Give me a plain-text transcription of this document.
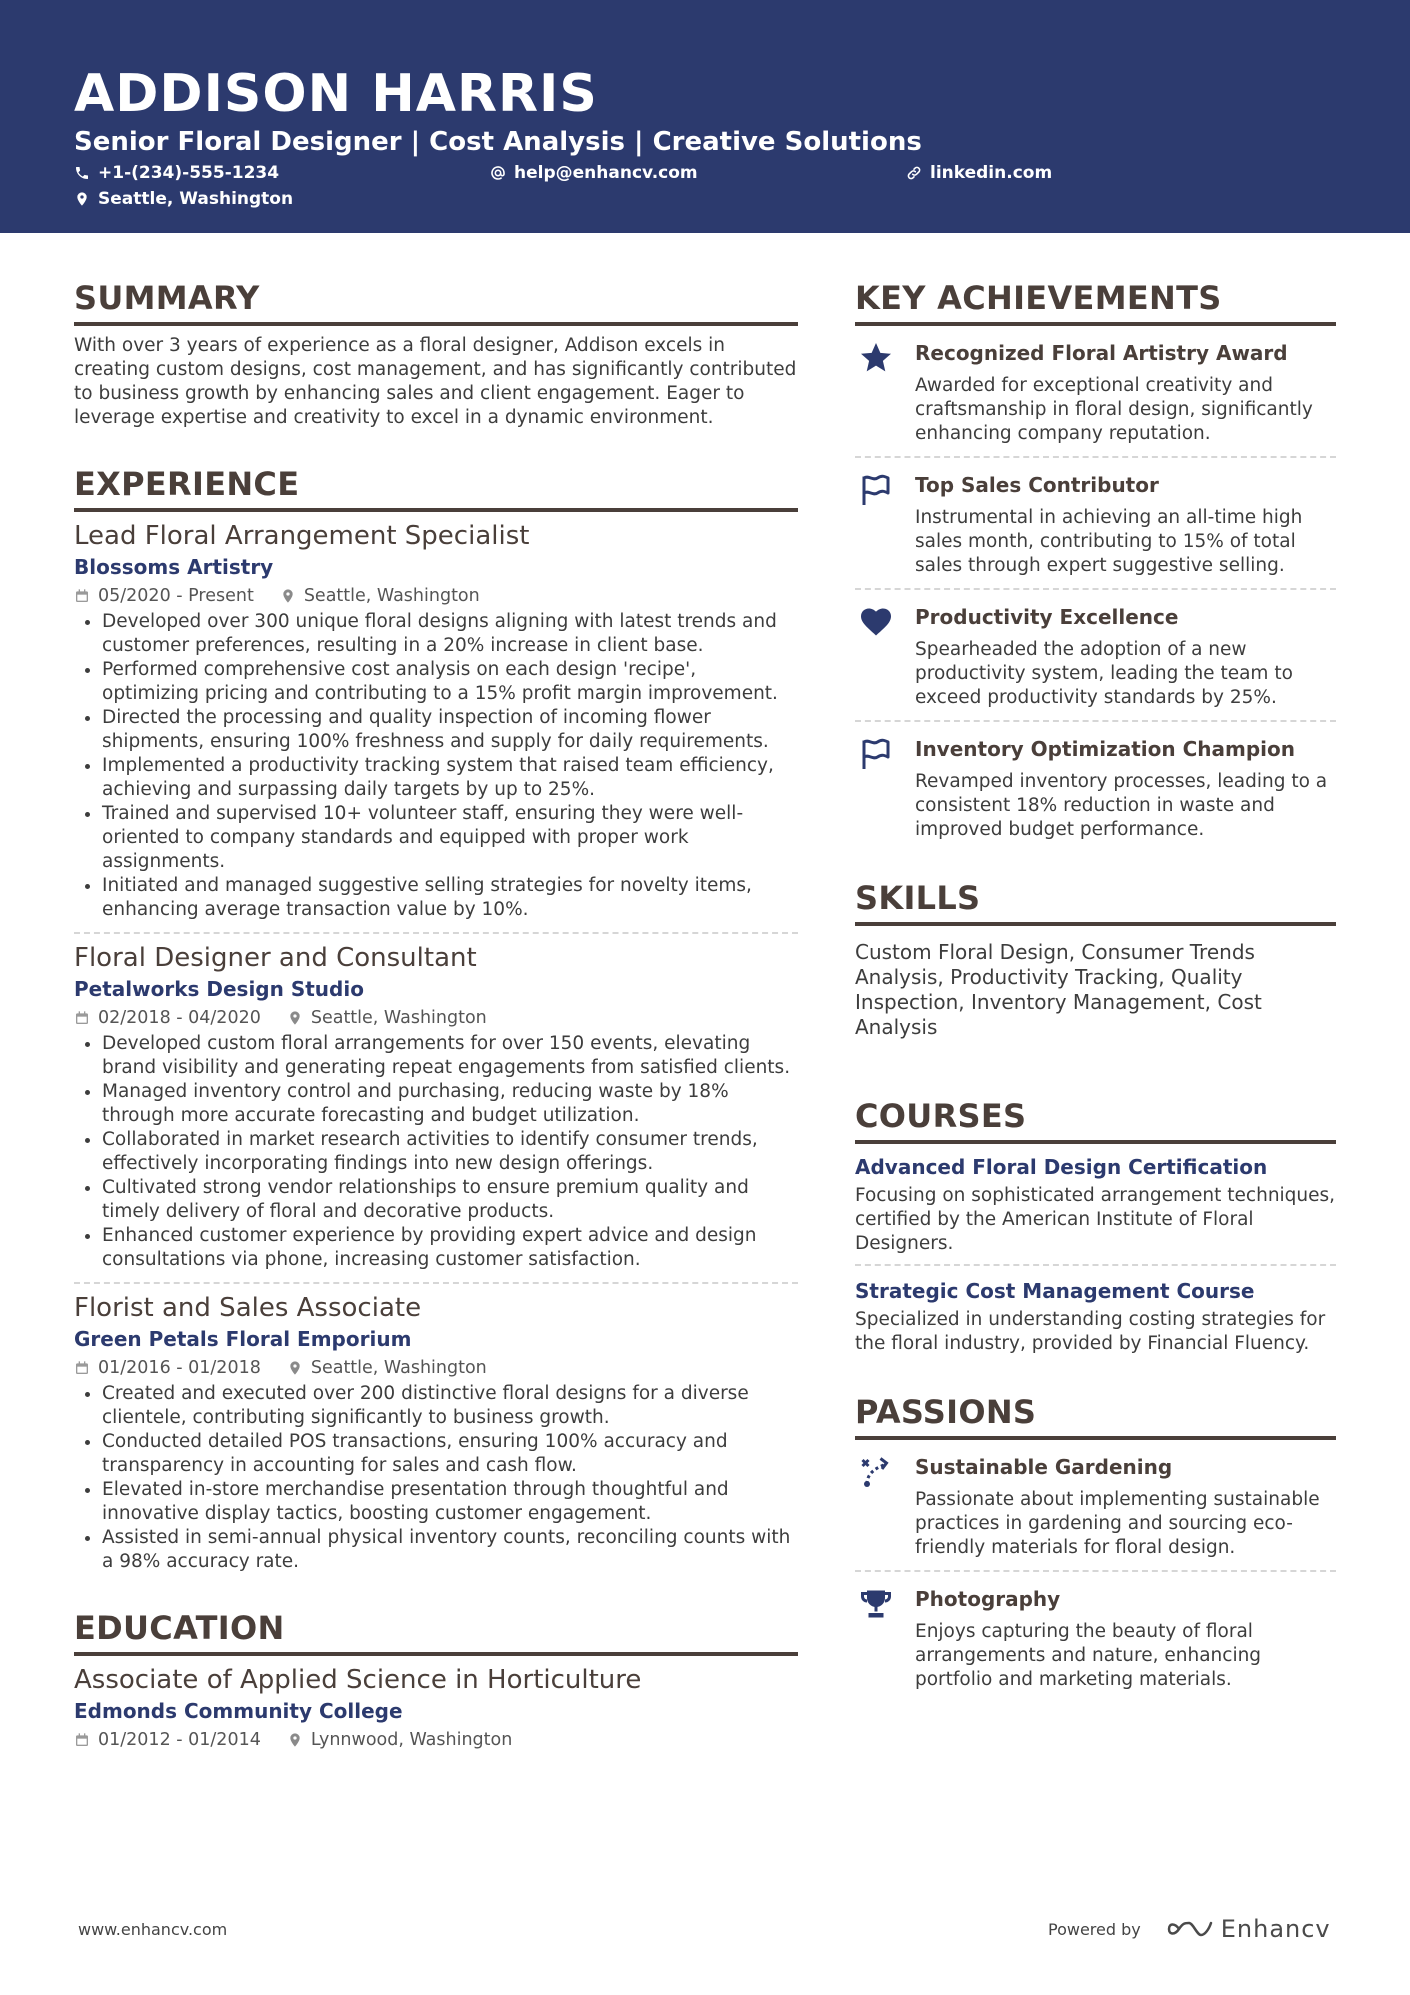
ADDISON HARRIS
Senior Floral Designer | Cost Analysis | Creative Solutions
+1-(234)-555-1234	help@enhancv.com	linkedin.com
Seattle, Washington
SUMMARY
With over 3 years of experience as a floral designer, Addison excels in creating custom designs, cost management, and has significantly contributed to business growth by enhancing sales and client engagement. Eager to leverage expertise and creativity to excel in a dynamic environment.
EXPERIENCE
Lead Floral Arrangement Specialist
Blossoms Artistry
05/2020 - Present	Seattle, Washington
• Developed over 300 unique floral designs aligning with latest trends and customer preferences, resulting in a 20% increase in client base.
• Performed comprehensive cost analysis on each design 'recipe', optimizing pricing and contributing to a 15% profit margin improvement.
• Directed the processing and quality inspection of incoming flower shipments, ensuring 100% freshness and supply for daily requirements.
• Implemented a productivity tracking system that raised team efficiency, achieving and surpassing daily targets by up to 25%.
• Trained and supervised 10+ volunteer staff, ensuring they were well-oriented to company standards and equipped with proper work assignments.
• Initiated and managed suggestive selling strategies for novelty items, enhancing average transaction value by 10%.
Floral Designer and Consultant
Petalworks Design Studio
02/2018 - 04/2020	Seattle, Washington
• Developed custom floral arrangements for over 150 events, elevating brand visibility and generating repeat engagements from satisfied clients.
• Managed inventory control and purchasing, reducing waste by 18% through more accurate forecasting and budget utilization.
• Collaborated in market research activities to identify consumer trends, effectively incorporating findings into new design offerings.
• Cultivated strong vendor relationships to ensure premium quality and timely delivery of floral and decorative products.
• Enhanced customer experience by providing expert advice and design consultations via phone, increasing customer satisfaction.
Florist and Sales Associate
Green Petals Floral Emporium
01/2016 - 01/2018	Seattle, Washington
• Created and executed over 200 distinctive floral designs for a diverse clientele, contributing significantly to business growth.
• Conducted detailed POS transactions, ensuring 100% accuracy and transparency in accounting for sales and cash flow.
• Elevated in-store merchandise presentation through thoughtful and innovative display tactics, boosting customer engagement.
• Assisted in semi-annual physical inventory counts, reconciling counts with a 98% accuracy rate.
EDUCATION
Associate of Applied Science in Horticulture
Edmonds Community College
01/2012 - 01/2014	Lynnwood, Washington
KEY ACHIEVEMENTS
Recognized Floral Artistry Award
Awarded for exceptional creativity and craftsmanship in floral design, significantly enhancing company reputation.
Top Sales Contributor
Instrumental in achieving an all-time high sales month, contributing to 15% of total sales through expert suggestive selling.
Productivity Excellence
Spearheaded the adoption of a new productivity system, leading the team to exceed productivity standards by 25%.
Inventory Optimization Champion
Revamped inventory processes, leading to a consistent 18% reduction in waste and improved budget performance.
SKILLS
Custom Floral Design, Consumer Trends Analysis, Productivity Tracking, Quality Inspection, Inventory Management, Cost Analysis
COURSES
Advanced Floral Design Certification
Focusing on sophisticated arrangement techniques, certified by the American Institute of Floral Designers.
Strategic Cost Management Course
Specialized in understanding costing strategies for the floral industry, provided by Financial Fluency.
PASSIONS
Sustainable Gardening
Passionate about implementing sustainable practices in gardening and sourcing eco-friendly materials for floral design.
Photography
Enjoys capturing the beauty of floral arrangements and nature, enhancing portfolio and marketing materials.
www.enhancv.com	Powered by	Enhancv
